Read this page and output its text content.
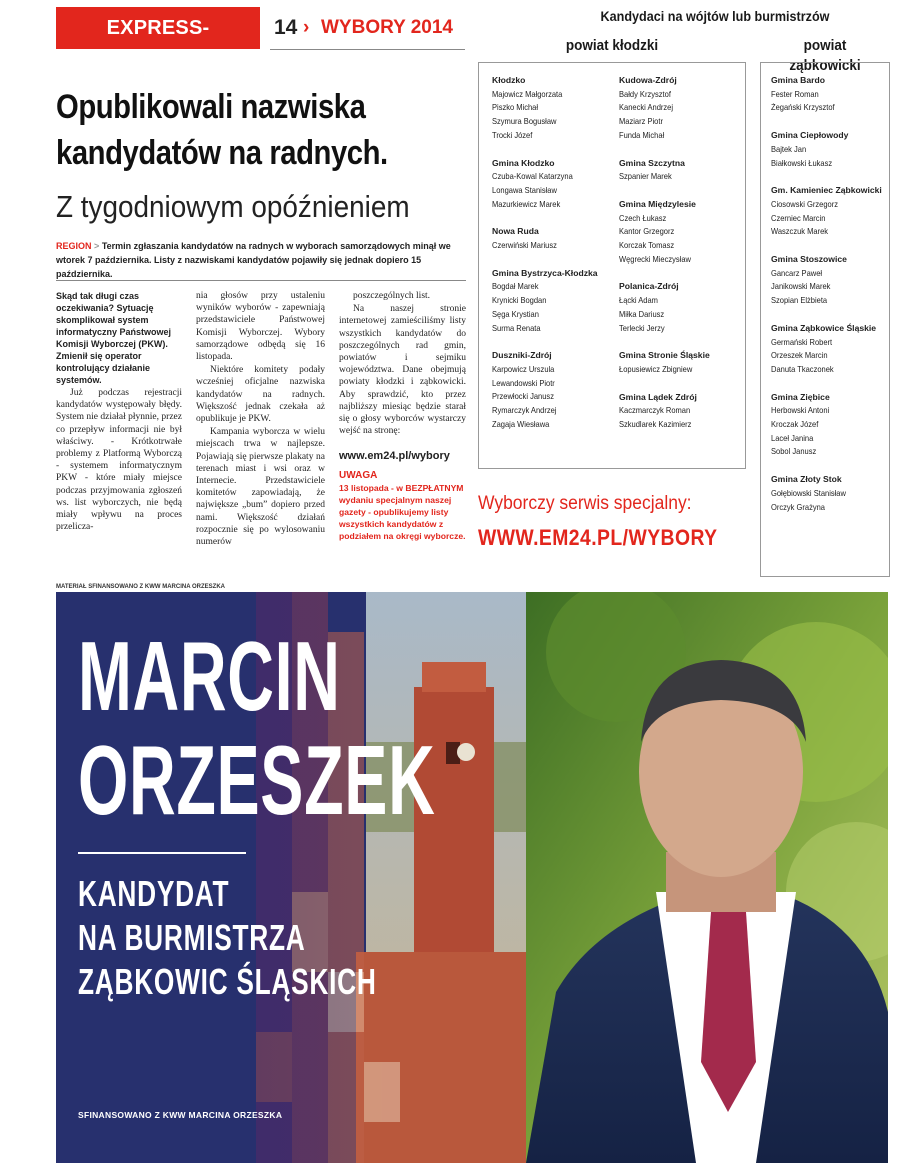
EXPRESS-MIEJSKI.PL
14 › WYBORY 2014
Opublikowali nazwiska
kandydatów na radnych.
Z tygodniowym opóźnieniem
REGION > Termin zgłaszania kandydatów na radnych w wyborach samorządowych minął we wtorek 7 października. Listy z nazwiskami kandydatów pojawiły się jednak dopiero 15 października.

Skąd tak długi czas oczekiwania? Sytuację skomplikował system informatyczny Państwowej Komisji Wyborczej (PKW). Zmienił się operator kontrolujący działanie systemów.

Już podczas rejestracji kandydatów występowały błędy. System nie działał płynnie, przez co przepływ informacji nie był właściwy. - Krótkotrwałe problemy z Platformą Wyborczą - systemem informatycznym PKW - które miały miejsce podczas przyjmowania zgłoszeń ws. list wyborczych, nie będą miały wpływu na proces przelicza-

nia głosów przy ustaleniu wyników wyborów - zapewniają przedstawiciele Państwowej Komisji Wyborczej. Wybory samorządowe odbędą się 16 listopada.

Niektóre komitety podały wcześniej oficjalne nazwiska kandydatów na radnych. Większość jednak czekała aż opublikuje je PKW.

Kampania wyborcza w wielu miejscach trwa w najlepsze. Pojawiają się pierwsze plakaty na terenach miast i wsi oraz w Internecie. Przedstawiciele komitetów zapowiadają, że największe „bum” dopiero przed nami. Większość działań rozpocznie się po wylosowaniu numerów

poszczególnych list.

Na naszej stronie internetowej zamieściliśmy listy wszystkich kandydatów do poszczególnych rad gmin, powiatów i sejmiku województwa. Dane obejmują powiaty kłodzki i ząbkowicki. Aby sprawdzić, kto przez najbliższy miesiąc będzie starał się o głosy wyborców wystarczy wejść na stronę:

www.em24.pl/wybory
UWAGA
13 listopada - w BEZPŁATNYM wydaniu specjalnym naszej gazety - opublikujemy listy wszystkich kandydatów z podziałem na okręgi wyborcze.
Kandydaci na wójtów lub burmistrzów
powiat kłodzki	powiat ząbkowicki
Kłodzko
Majowicz Małgorzata
Piszko Michał
Szymura Bogusław
Trocki Józef
Gmina Kłodzko
Czuba-Kowal Katarzyna
Longawa Stanisław
Mazurkiewicz Marek
Nowa Ruda
Czerwiński Mariusz
Gmina Bystrzyca-Kłodzka
Bogdał Marek
Krynicki Bogdan
Sęga Krystian
Surma Renata
Duszniki-Zdrój
Karpowicz Urszula
Lewandowski Piotr
Przewłocki Janusz
Rymarczyk Andrzej
Zagaja Wiesława
Kudowa-Zdrój
Bałdy Krzysztof
Kanecki Andrzej
Maziarz Piotr
Funda Michał
Gmina Szczytna
Szpanier Marek
Gmina Międzylesie
Czech Łukasz
Kantor Grzegorz
Korczak Tomasz
Węgrecki Mieczysław
Polanica-Zdrój
Łącki Adam
Miłka Dariusz
Terlecki Jerzy
Gmina Stronie Śląskie
Łopusiewicz Zbigniew
Gmina Lądek Zdrój
Kaczmarczyk Roman
Szkudlarek Kazimierz
Gmina Bardo
Fester Roman
Żegański Krzysztof
Gmina Ciepłowody
Bajtek Jan
Białkowski Łukasz
Gm. Kamieniec Ząbkowicki
Ciosowski Grzegorz
Czerniec Marcin
Waszczuk Marek
Gmina Stoszowice
Gancarz Paweł
Janikowski Marek
Szopian Elżbieta
Gmina Ząbkowice Śląskie
Germański Robert
Orzeszek Marcin
Danuta Tkaczonek
Gmina Ziębice
Herbowski Antoni
Kroczak Józef
Laceł Janina
Sobol Janusz
Gmina Złoty Stok
Gołębiowski Stanisław
Orczyk Grażyna
Wyborczy serwis specjalny:
WWW.EM24.PL/WYBORY
MATERIAŁ SFINANSOWANO Z KWW MARCINA ORZESZKA
MARCIN
ORZESZEK
KANDYDAT
NA BURMISTRZA
ZĄBKOWIC ŚLĄSKICH
SFINANSOWANO Z KWW MARCINA ORZESZKA
